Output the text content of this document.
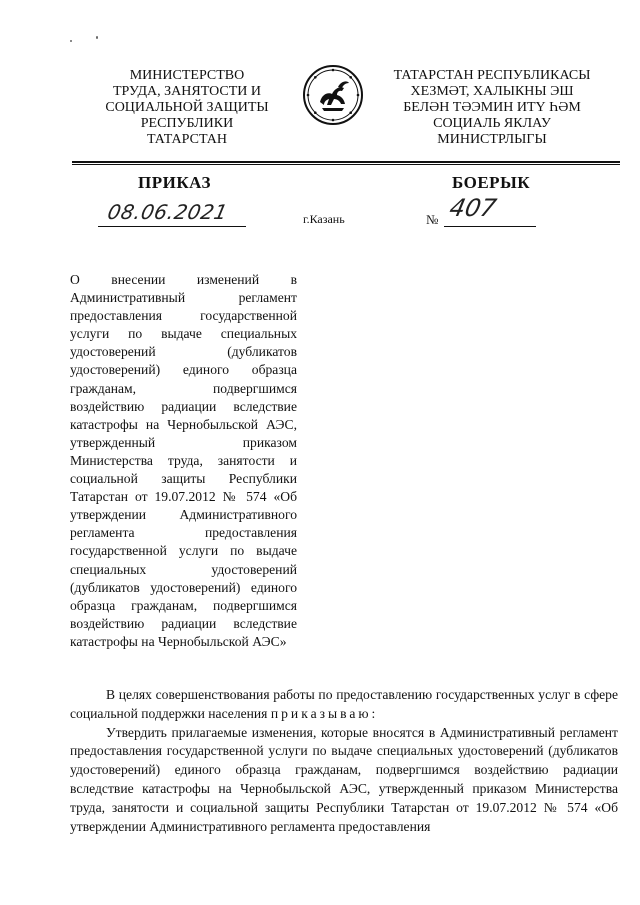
МИНИСТЕРСТВО
ТРУДА, ЗАНЯТОСТИ И
СОЦИАЛЬНОЙ ЗАЩИТЫ
РЕСПУБЛИКИ
ТАТАРСТАН
ТАТАРСТАН РЕСПУБЛИКАСЫ
ХЕЗМӘТ, ХАЛЫКНЫ ЭШ
БЕЛӘН ТӘЭМИН ИТҮ ҺӘМ
СОЦИАЛЬ ЯКЛАУ
МИНИСТРЛЫГЫ
ПРИКАЗ	БОЕРЫК
08.06.2021	г.Казань	№ 407
О внесении изменений в Административный регламент предоставления государственной услуги по выдаче специальных удостоверений (дубликатов удостоверений) единого образца гражданам, подвергшимся воздействию радиации вследствие катастрофы на Чернобыльской АЭС, утвержденный приказом Министерства труда, занятости и социальной защиты Республики Татарстан от 19.07.2012 № 574 «Об утверждении Административного регламента предоставления государственной услуги по выдаче специальных удостоверений (дубликатов удостоверений) единого образца гражданам, подвергшимся воздействию радиации вследствие катастрофы на Чернобыльской АЭС»

В целях совершенствования работы по предоставлению государственных услуг в сфере социальной поддержки населения приказываю:

Утвердить прилагаемые изменения, которые вносятся в Административный регламент предоставления государственной услуги по выдаче специальных удостоверений (дубликатов удостоверений) единого образца гражданам, подвергшимся воздействию радиации вследствие катастрофы на Чернобыльской АЭС, утвержденный приказом Министерства труда, занятости и социальной защиты Республики Татарстан от 19.07.2012 № 574 «Об утверждении Административного регламента предоставления
